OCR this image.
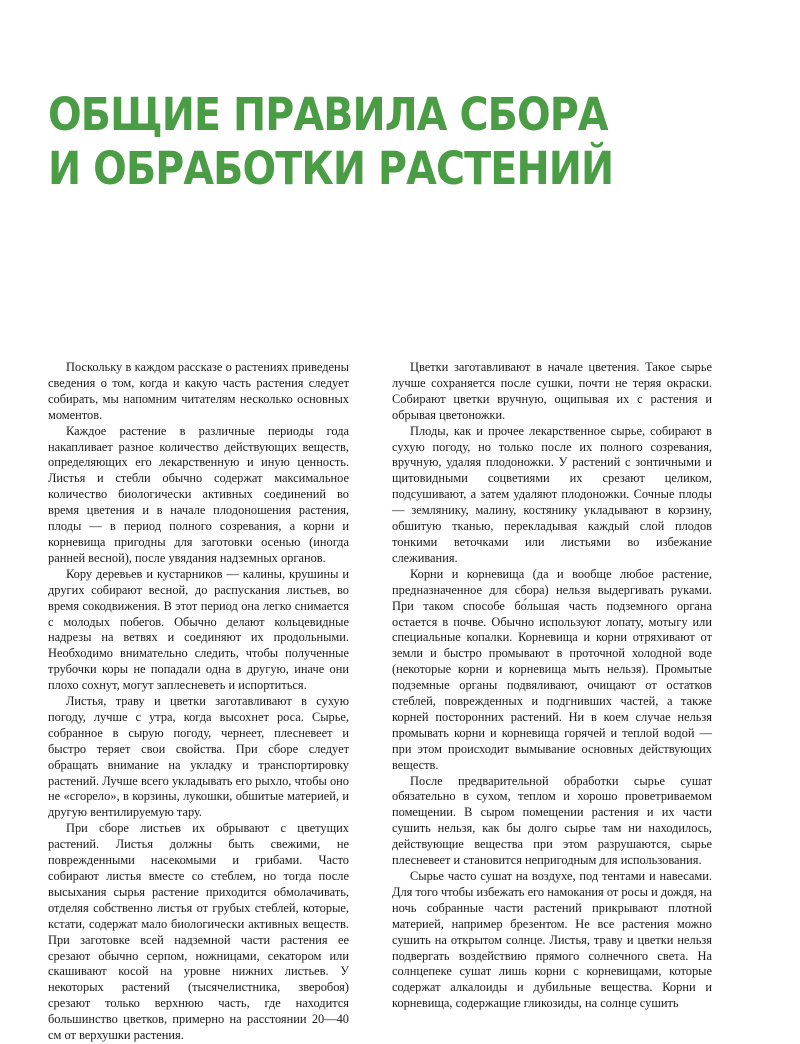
ОБЩИЕ ПРАВИЛА СБОРА
И ОБРАБОТКИ РАСТЕНИЙ

Поскольку в каждом рассказе о растениях приведены сведения о том, когда и какую часть растения следует собирать, мы напомним читателям несколько основных моментов.

Каждое растение в различные периоды года накапливает разное количество действующих веществ, определяющих его лекарственную и иную ценность. Листья и стебли обычно содержат максимальное количество биологически активных соединений во время цветения и в начале плодоношения растения, плоды — в период полного созревания, а корни и корневища пригодны для заготовки осенью (иногда ранней весной), после увядания надземных органов.

Кору деревьев и кустарников — калины, крушины и других собирают весной, до распускания листьев, во время сокодвижения. В этот период она легко снимается с молодых побегов. Обычно делают кольцевидные надрезы на ветвях и соединяют их продольными. Необходимо внимательно следить, чтобы полученные трубочки коры не попадали одна в другую, иначе они плохо сохнут, могут заплесневеть и испортиться.

Листья, траву и цветки заготавливают в сухую погоду, лучше с утра, когда высохнет роса. Сырье, собранное в сырую погоду, чернеет, плесневеет и быстро теряет свои свойства. При сборе следует обращать внимание на укладку и транспортировку растений. Лучше всего укладывать его рыхло, чтобы оно не «сгорело», в корзины, лукошки, обшитые материей, и другую вентилируемую тару.

При сборе листьев их обрывают с цветущих растений. Листья должны быть свежими, не поврежденными насекомыми и грибами. Часто собирают листья вместе со стеблем, но тогда после высыхания сырья растение приходится обмолачивать, отделяя собственно листья от грубых стеблей, которые, кстати, содержат мало биологически активных веществ. При заготовке всей надземной части растения ее срезают обычно серпом, ножницами, секатором или скашивают косой на уровне нижних листьев. У некоторых растений (тысячелистника, зверобоя) срезают только верхнюю часть, где находится большинство цветков, примерно на расстоянии 20—40 см от верхушки растения.

Цветки заготавливают в начале цветения. Такое сырье лучше сохраняется после сушки, почти не теряя окраски. Собирают цветки вручную, ощипывая их с растения и обрывая цветоножки.

Плоды, как и прочее лекарственное сырье, собирают в сухую погоду, но только после их полного созревания, вручную, удаляя плодоножки. У растений с зонтичными и щитовидными соцветиями их срезают целиком, подсушивают, а затем удаляют плодоножки. Сочные плоды — землянику, малину, костянику укладывают в корзину, обшитую тканью, перекладывая каждый слой плодов тонкими веточками или листьями во избежание слеживания.

Корни и корневища (да и вообще любое растение, предназначенное для сбора) нельзя выдергивать руками. При таком способе бо́льшая часть подземного органа остается в почве. Обычно используют лопату, мотыгу или специальные копалки. Корневища и корни отряхивают от земли и быстро промывают в проточной холодной воде (некоторые корни и корневища мыть нельзя). Промытые подземные органы подвяливают, очищают от остатков стеблей, поврежденных и подгнивших частей, а также корней посторонних растений. Ни в коем случае нельзя промывать корни и корневища горячей и теплой водой — при этом происходит вымывание основных действующих веществ.

После предварительной обработки сырье сушат обязательно в сухом, теплом и хорошо проветриваемом помещении. В сыром помещении растения и их части сушить нельзя, как бы долго сырье там ни находилось, действующие вещества при этом разрушаются, сырье плесневеет и становится непригодным для использования.

Сырье часто сушат на воздухе, под тентами и навесами. Для того чтобы избежать его намокания от росы и дождя, на ночь собранные части растений прикрывают плотной материей, например брезентом. Не все растения можно сушить на открытом солнце. Листья, траву и цветки нельзя подвергать воздействию прямого солнечного света. На солнцепеке сушат лишь корни с корневищами, которые содержат алкалоиды и дубильные вещества. Корни и корневища, содержащие гликозиды, на солнце сушить
